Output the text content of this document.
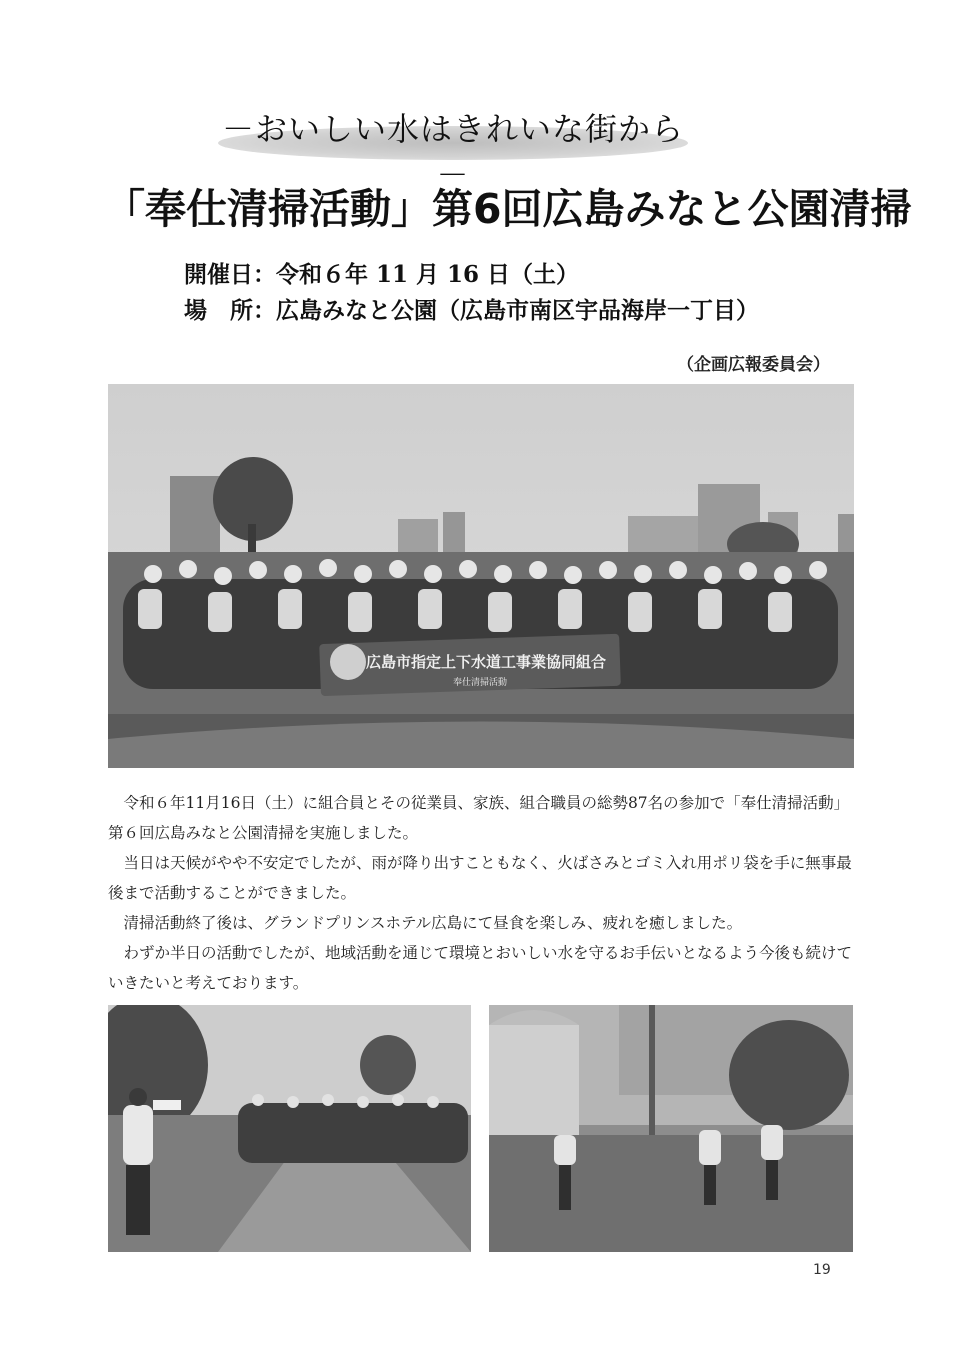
－おいしい水はきれいな街から－
「奉仕清掃活動」第6回広島みなと公園清掃
開催日：令和６年 11 月 16 日（土）
場　所：広島みなと公園（広島市南区宇品海岸一丁目）
（企画広報委員会）
広島市指定上下水道工事業協同組合
奉仕清掃活動

令和６年11月16日（土）に組合員とその従業員、家族、組合職員の総勢87名の参加で「奉仕清掃活動」第６回広島みなと公園清掃を実施しました。

当日は天候がやや不安定でしたが、雨が降り出すこともなく、火ばさみとゴミ入れ用ポリ袋を手に無事最後まで活動することができました。

清掃活動終了後は、グランドプリンスホテル広島にて昼食を楽しみ、疲れを癒しました。

わずか半日の活動でしたが、地域活動を通じて環境とおいしい水を守るお手伝いとなるよう今後も続けていきたいと考えております。

19
